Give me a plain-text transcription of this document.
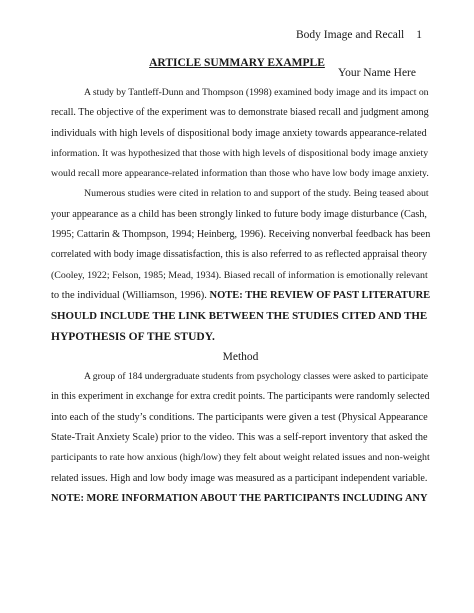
Body Image and Recall 1
ARTICLE SUMMARY EXAMPLE
Your Name Here
A study by Tantleff-Dunn and Thompson (1998) examined body image and its impact on
recall. The objective of the experiment was to demonstrate biased recall and judgment among
individuals with high levels of dispositional body image anxiety towards appearance-related
information. It was hypothesized that those with high levels of dispositional body image anxiety
would recall more appearance-related information than those who have low body image anxiety.
Numerous studies were cited in relation to and support of the study. Being teased about
your appearance as a child has been strongly linked to future body image disturbance (Cash,
1995; Cattarin & Thompson, 1994; Heinberg, 1996). Receiving nonverbal feedback has been
correlated with body image dissatisfaction, this is also referred to as reflected appraisal theory
(Cooley, 1922; Felson, 1985; Mead, 1934). Biased recall of information is emotionally relevant
to the individual (Williamson, 1996). NOTE: THE REVIEW OF PAST LITERATURE
SHOULD INCLUDE THE LINK BETWEEN THE STUDIES CITED AND THE
HYPOTHESIS OF THE STUDY.
Method
A group of 184 undergraduate students from psychology classes were asked to participate
in this experiment in exchange for extra credit points. The participants were randomly selected
into each of the study’s conditions. The participants were given a test (Physical Appearance
State-Trait Anxiety Scale) prior to the video. This was a self-report inventory that asked the
participants to rate how anxious (high/low) they felt about weight related issues and non-weight
related issues. High and low body image was measured as a participant independent variable.
NOTE: MORE INFORMATION ABOUT THE PARTICIPANTS INCLUDING ANY
